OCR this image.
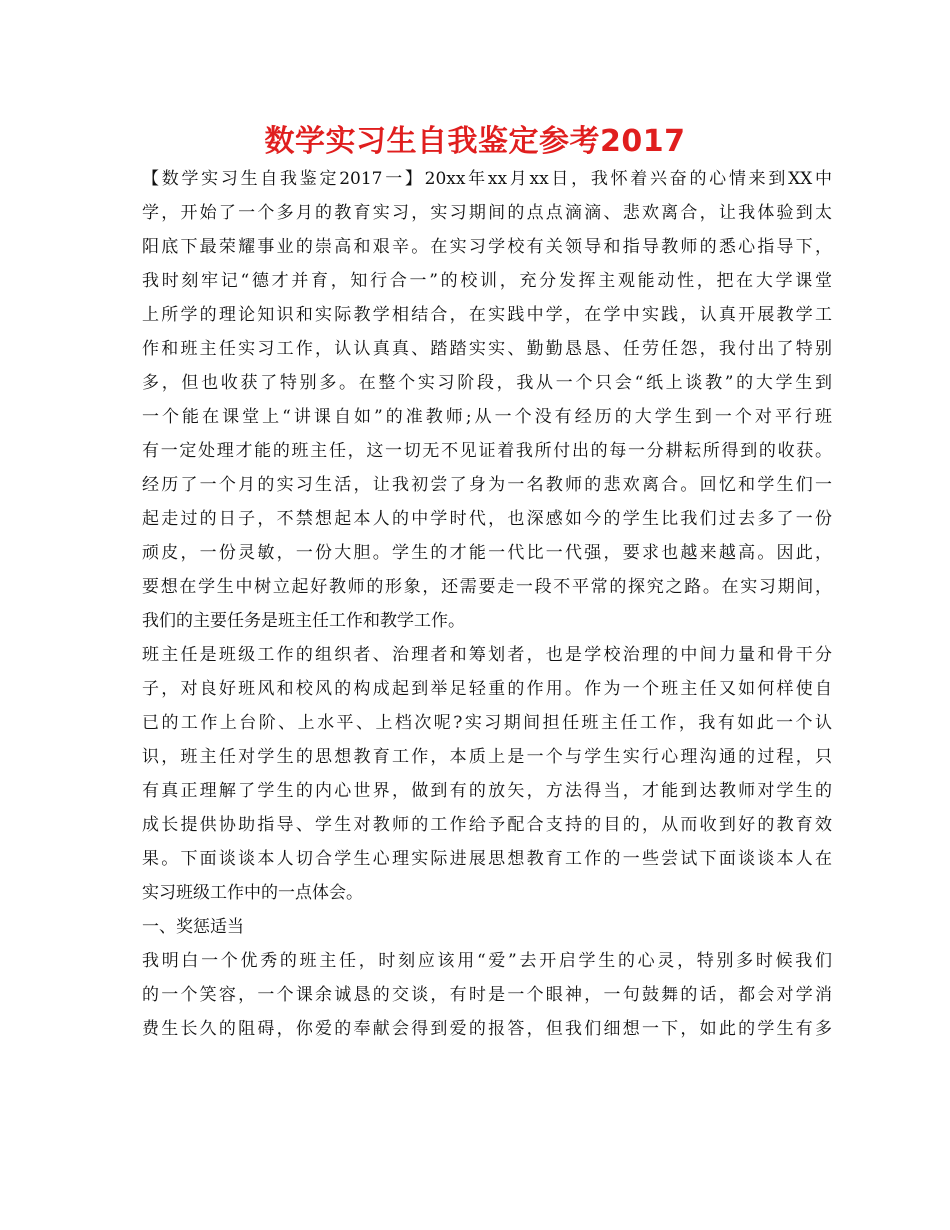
数学实习生自我鉴定参考2017
【数学实习生自我鉴定2017一】20xx年xx月xx日，我怀着兴奋的心情来到XX中
学，开始了一个多月的教育实习，实习期间的点点滴滴、悲欢离合，让我体验到太
阳底下最荣耀事业的崇高和艰辛。在实习学校有关领导和指导教师的悉心指导下，
我时刻牢记“德才并育，知行合一”的校训，充分发挥主观能动性，把在大学课堂
上所学的理论知识和实际教学相结合，在实践中学，在学中实践，认真开展教学工
作和班主任实习工作，认认真真、踏踏实实、勤勤恳恳、任劳任怨，我付出了特别
多，但也收获了特别多。在整个实习阶段，我从一个只会“纸上谈教”的大学生到
一个能在课堂上“讲课自如”的准教师;从一个没有经历的大学生到一个对平行班
有一定处理才能的班主任，这一切无不见证着我所付出的每一分耕耘所得到的收获。
经历了一个月的实习生活，让我初尝了身为一名教师的悲欢离合。回忆和学生们一
起走过的日子，不禁想起本人的中学时代，也深感如今的学生比我们过去多了一份
顽皮，一份灵敏，一份大胆。学生的才能一代比一代强，要求也越来越高。因此，
要想在学生中树立起好教师的形象，还需要走一段不平常的探究之路。在实习期间，
我们的主要任务是班主任工作和教学工作。
班主任是班级工作的组织者、治理者和筹划者，也是学校治理的中间力量和骨干分
子，对良好班风和校风的构成起到举足轻重的作用。作为一个班主任又如何样使自
已的工作上台阶、上水平、上档次呢?实习期间担任班主任工作，我有如此一个认
识，班主任对学生的思想教育工作，本质上是一个与学生实行心理沟通的过程，只
有真正理解了学生的内心世界，做到有的放矢，方法得当，才能到达教师对学生的
成长提供协助指导、学生对教师的工作给予配合支持的目的，从而收到好的教育效
果。下面谈谈本人切合学生心理实际进展思想教育工作的一些尝试下面谈谈本人在
实习班级工作中的一点体会。
一、奖惩适当
我明白一个优秀的班主任，时刻应该用“爱”去开启学生的心灵，特别多时候我们
的一个笑容，一个课余诚恳的交谈，有时是一个眼神，一句鼓舞的话，都会对学消
费生长久的阻碍，你爱的奉献会得到爱的报答，但我们细想一下，如此的学生有多
